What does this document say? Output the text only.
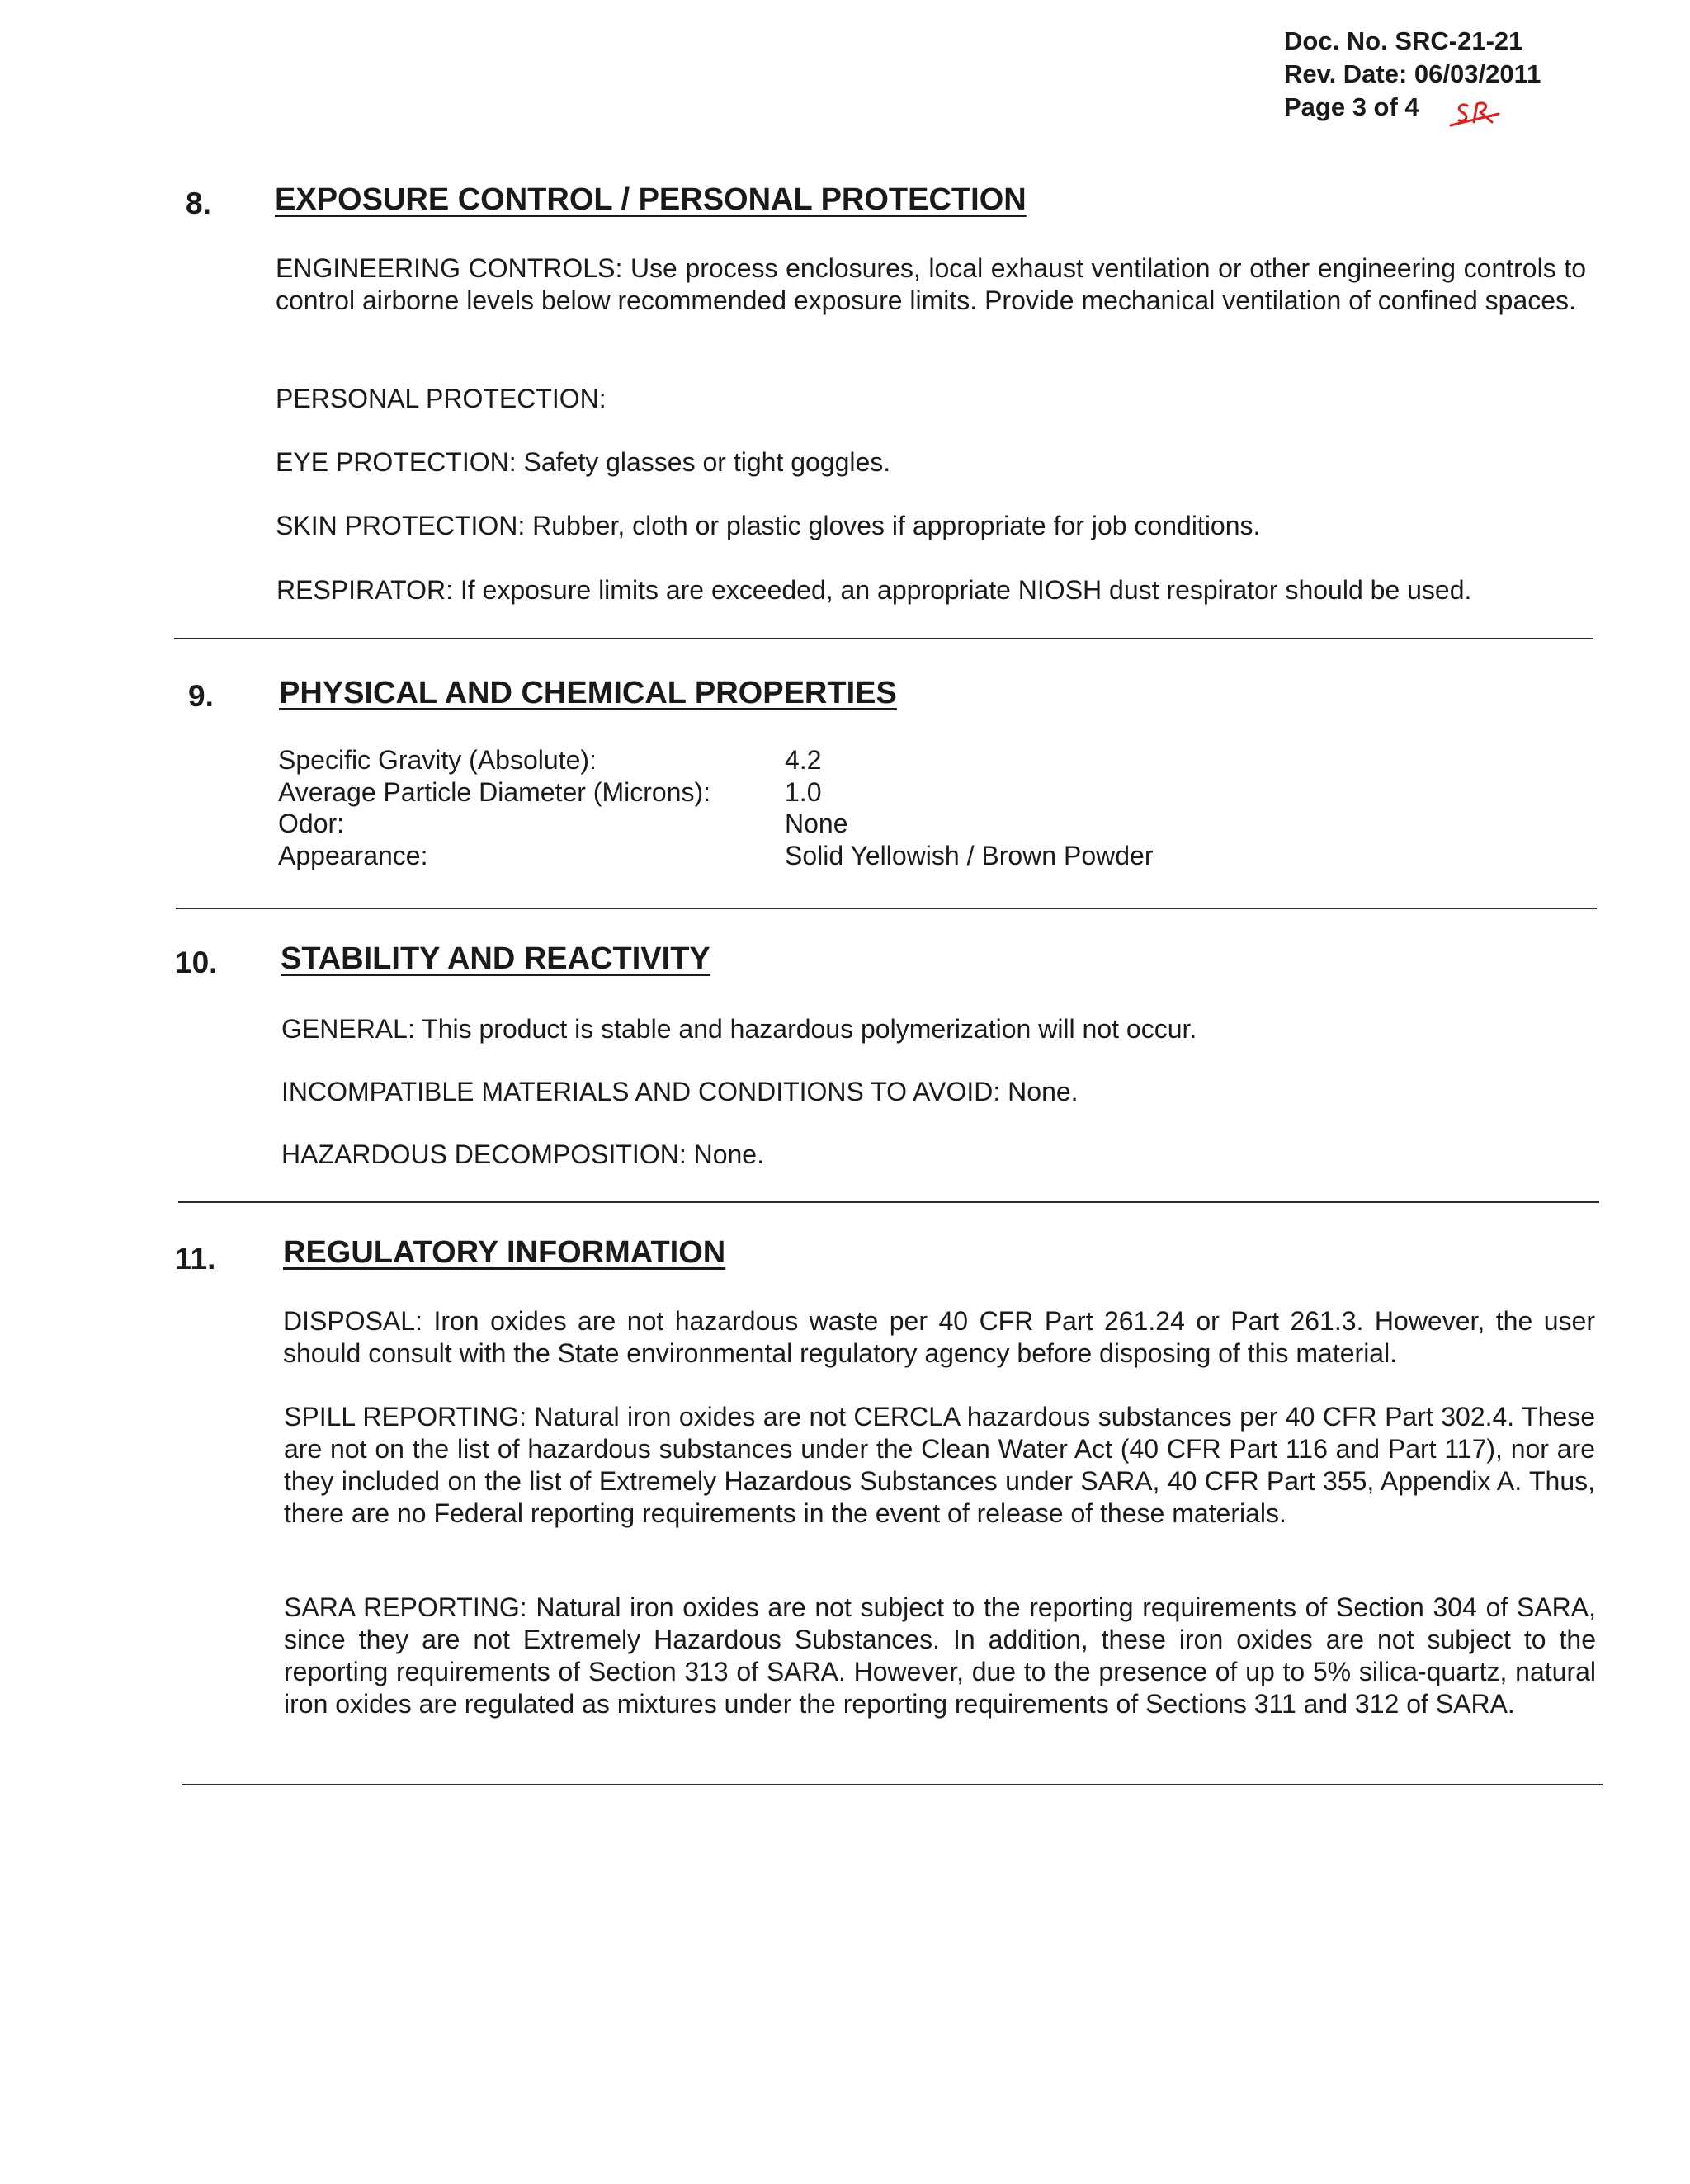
Doc. No. SRC-21-21
Rev. Date: 06/03/2011
Page 3 of 4
8. EXPOSURE CONTROL / PERSONAL PROTECTION
ENGINEERING CONTROLS: Use process enclosures, local exhaust ventilation or other engineering controls to control airborne levels below recommended exposure limits. Provide mechanical ventilation of confined spaces.
PERSONAL PROTECTION:
EYE PROTECTION: Safety glasses or tight goggles.
SKIN PROTECTION: Rubber, cloth or plastic gloves if appropriate for job conditions.
RESPIRATOR: If exposure limits are exceeded, an appropriate NIOSH dust respirator should be used.
9. PHYSICAL AND CHEMICAL PROPERTIES
Specific Gravity (Absolute):	4.2
Average Particle Diameter (Microns):	1.0
Odor:	None
Appearance:	Solid Yellowish / Brown Powder
10. STABILITY AND REACTIVITY
GENERAL: This product is stable and hazardous polymerization will not occur.
INCOMPATIBLE MATERIALS AND CONDITIONS TO AVOID: None.
HAZARDOUS DECOMPOSITION: None.
11. REGULATORY INFORMATION
DISPOSAL: Iron oxides are not hazardous waste per 40 CFR Part 261.24 or Part 261.3. However, the user should consult with the State environmental regulatory agency before disposing of this material.
SPILL REPORTING: Natural iron oxides are not CERCLA hazardous substances per 40 CFR Part 302.4. These are not on the list of hazardous substances under the Clean Water Act (40 CFR Part 116 and Part 117), nor are they included on the list of Extremely Hazardous Substances under SARA, 40 CFR Part 355, Appendix A. Thus, there are no Federal reporting requirements in the event of release of these materials.
SARA REPORTING: Natural iron oxides are not subject to the reporting requirements of Section 304 of SARA, since they are not Extremely Hazardous Substances. In addition, these iron oxides are not subject to the reporting requirements of Section 313 of SARA. However, due to the presence of up to 5% silica-quartz, natural iron oxides are regulated as mixtures under the reporting requirements of Sections 311 and 312 of SARA.
